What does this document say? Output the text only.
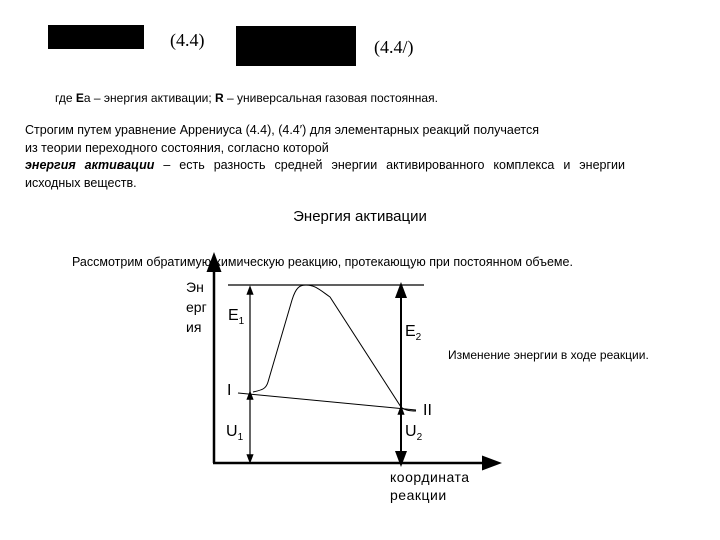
(4.4)	(4.4/)
где Eа – энергия активации; R – универсальная газовая постоянная.

Строгим путем уравнение Аррениуса (4.4), (4.4′) для элементарных реакций получается

из теории переходного состояния, согласно которой

энергия активации – есть разность средней энергии активированного комплекса и энергии исходных веществ.

Энергия активации
Рассмотрим обратимую химическую реакцию, протекающую при постоянном объеме.
Эн
ерг
ия
$E_1$
$E_2$
I
II
$U_1$	$U_2$
Изменение энергии в ходе реакции.
координата
реакции
